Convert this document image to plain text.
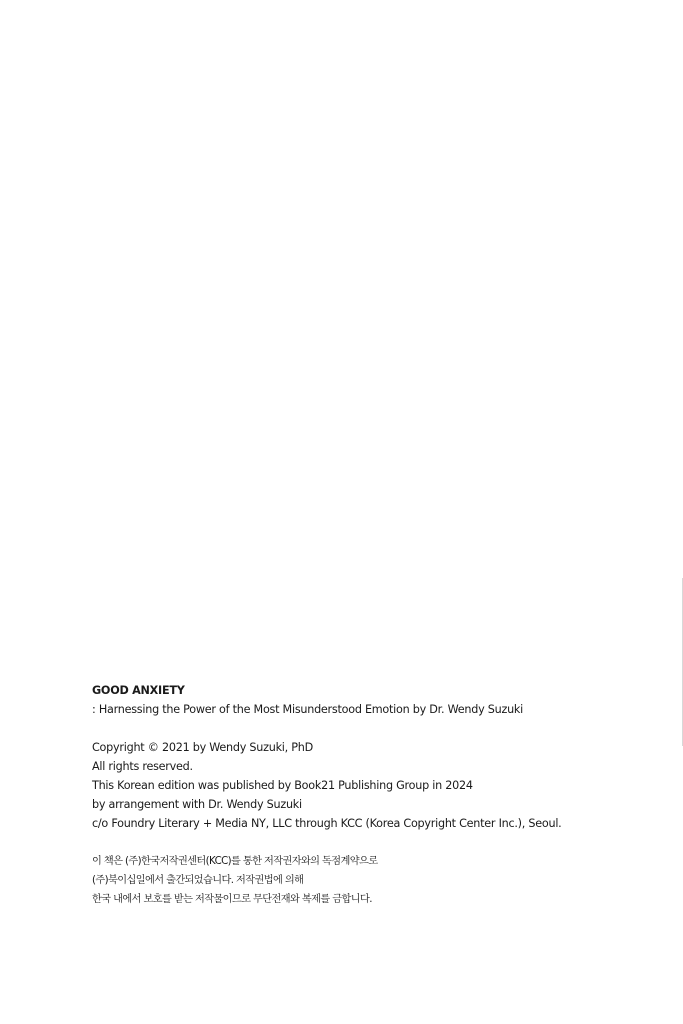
GOOD ANXIETY
: Harnessing the Power of the Most Misunderstood Emotion by Dr. Wendy Suzuki
Copyright © 2021 by Wendy Suzuki, PhD
All rights reserved.
This Korean edition was published by Book21 Publishing Group in 2024
by arrangement with Dr. Wendy Suzuki
c/o Foundry Literary + Media NY, LLC through KCC (Korea Copyright Center Inc.), Seoul.
이 책은 (주)한국저작권센터(KCC)를 통한 저작권자와의 독점계약으로
(주)북이십일에서 출간되었습니다. 저작권법에 의해
한국 내에서 보호를 받는 저작물이므로 무단전재와 복제를 금합니다.
